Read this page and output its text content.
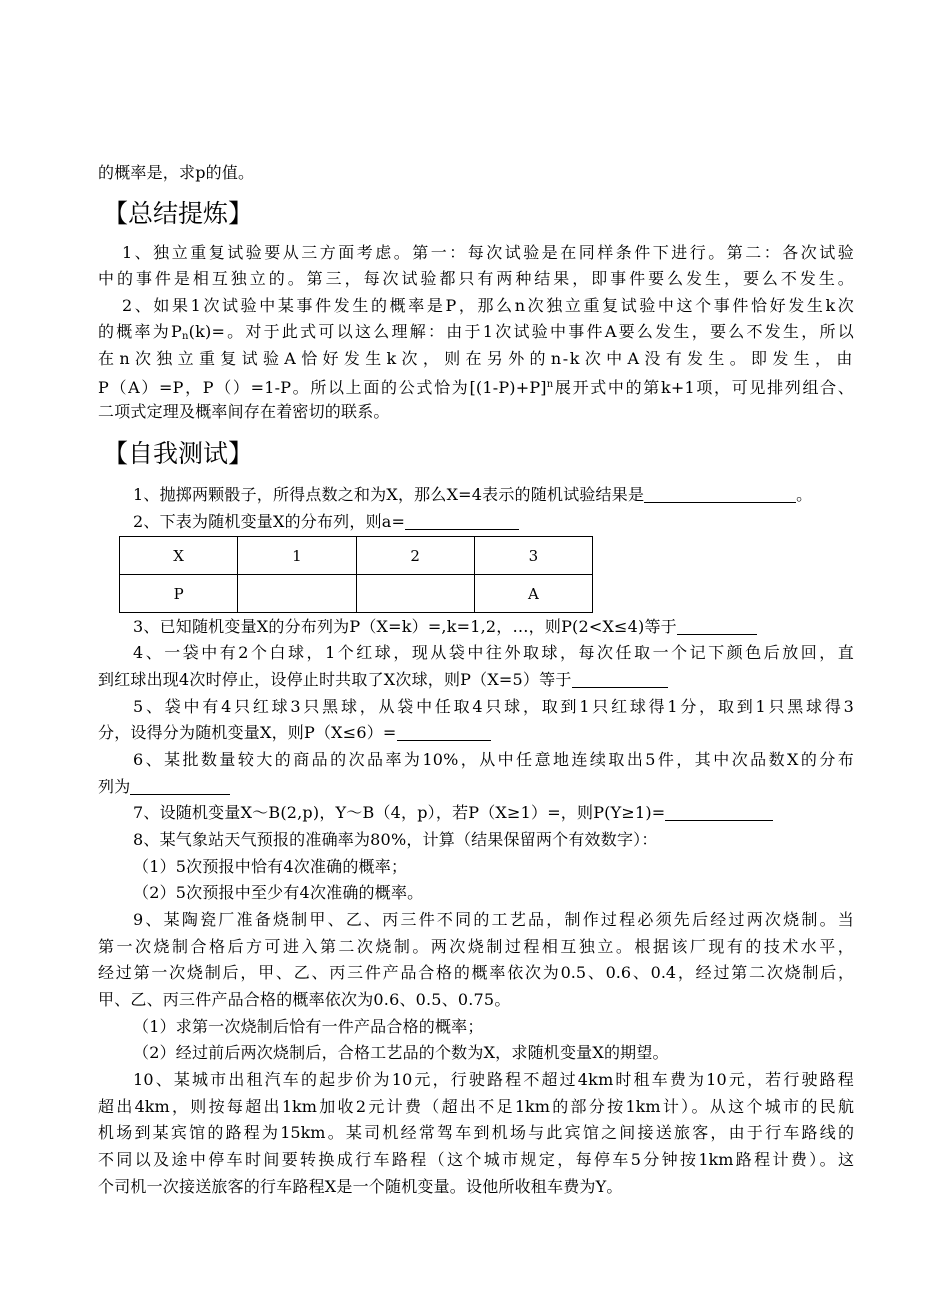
的概率是，求p的值。
【总结提炼】
1、独立重复试验要从三方面考虑。第一：每次试验是在同样条件下进行。第二：各次试验
中的事件是相互独立的。第三，每次试验都只有两种结果，即事件要么发生，要么不发生。
2、如果1次试验中某事件发生的概率是P，那么n次独立重复试验中这个事件恰好发生k次
的概率为$P_n(k)=$。对于此式可以这么理解：由于1次试验中事件A要么发生，要么不发生，所以
在n次独立重复试验A恰好发生k次，则在另外的n-k次中A没有发生。即发生，由
P（A）=P，P（）=1-P。所以上面的公式恰为$[(1-P)+P]^n$展开式中的第k+1项，可见排列组合、
二项式定理及概率间存在着密切的联系。
【自我测试】
1、抛掷两颗骰子，所得点数之和为X，那么X=4表示的随机试验结果是	。
2、下表为随机变量X的分布列，则a=
X	1	2	3
P			A
3、已知随机变量X的分布列为P（X=k）=,k=1,2，…，则P(2<X≤4)等于
4、一袋中有2个白球，1个红球，现从袋中往外取球，每次任取一个记下颜色后放回，直
到红球出现4次时停止，设停止时共取了X次球，则P（X=5）等于
5、袋中有4只红球3只黑球，从袋中任取4只球，取到1只红球得1分，取到1只黑球得3
分，设得分为随机变量X，则P（X≤6）=
6、某批数量较大的商品的次品率为10%，从中任意地连续取出5件，其中次品数X的分布
列为
7、设随机变量X～B(2,p)，Y～B（4，p），若P（X≥1）=，则P(Y≥1)=
8、某气象站天气预报的准确率为80%，计算（结果保留两个有效数字）：
（1）5次预报中恰有4次准确的概率；
（2）5次预报中至少有4次准确的概率。
9、某陶瓷厂准备烧制甲、乙、丙三件不同的工艺品，制作过程必须先后经过两次烧制。当
第一次烧制合格后方可进入第二次烧制。两次烧制过程相互独立。根据该厂现有的技术水平，
经过第一次烧制后，甲、乙、丙三件产品合格的概率依次为0.5、0.6、0.4，经过第二次烧制后，
甲、乙、丙三件产品合格的概率依次为0.6、0.5、0.75。
（1）求第一次烧制后恰有一件产品合格的概率；
（2）经过前后两次烧制后，合格工艺品的个数为X，求随机变量X的期望。
10、某城市出租汽车的起步价为10元，行驶路程不超过4km时租车费为10元，若行驶路程
超出4km，则按每超出1km加收2元计费（超出不足1km的部分按1km计）。从这个城市的民航
机场到某宾馆的路程为15km。某司机经常驾车到机场与此宾馆之间接送旅客，由于行车路线的
不同以及途中停车时间要转换成行车路程（这个城市规定，每停车5分钟按1km路程计费）。这
个司机一次接送旅客的行车路程X是一个随机变量。设他所收租车费为Y。
